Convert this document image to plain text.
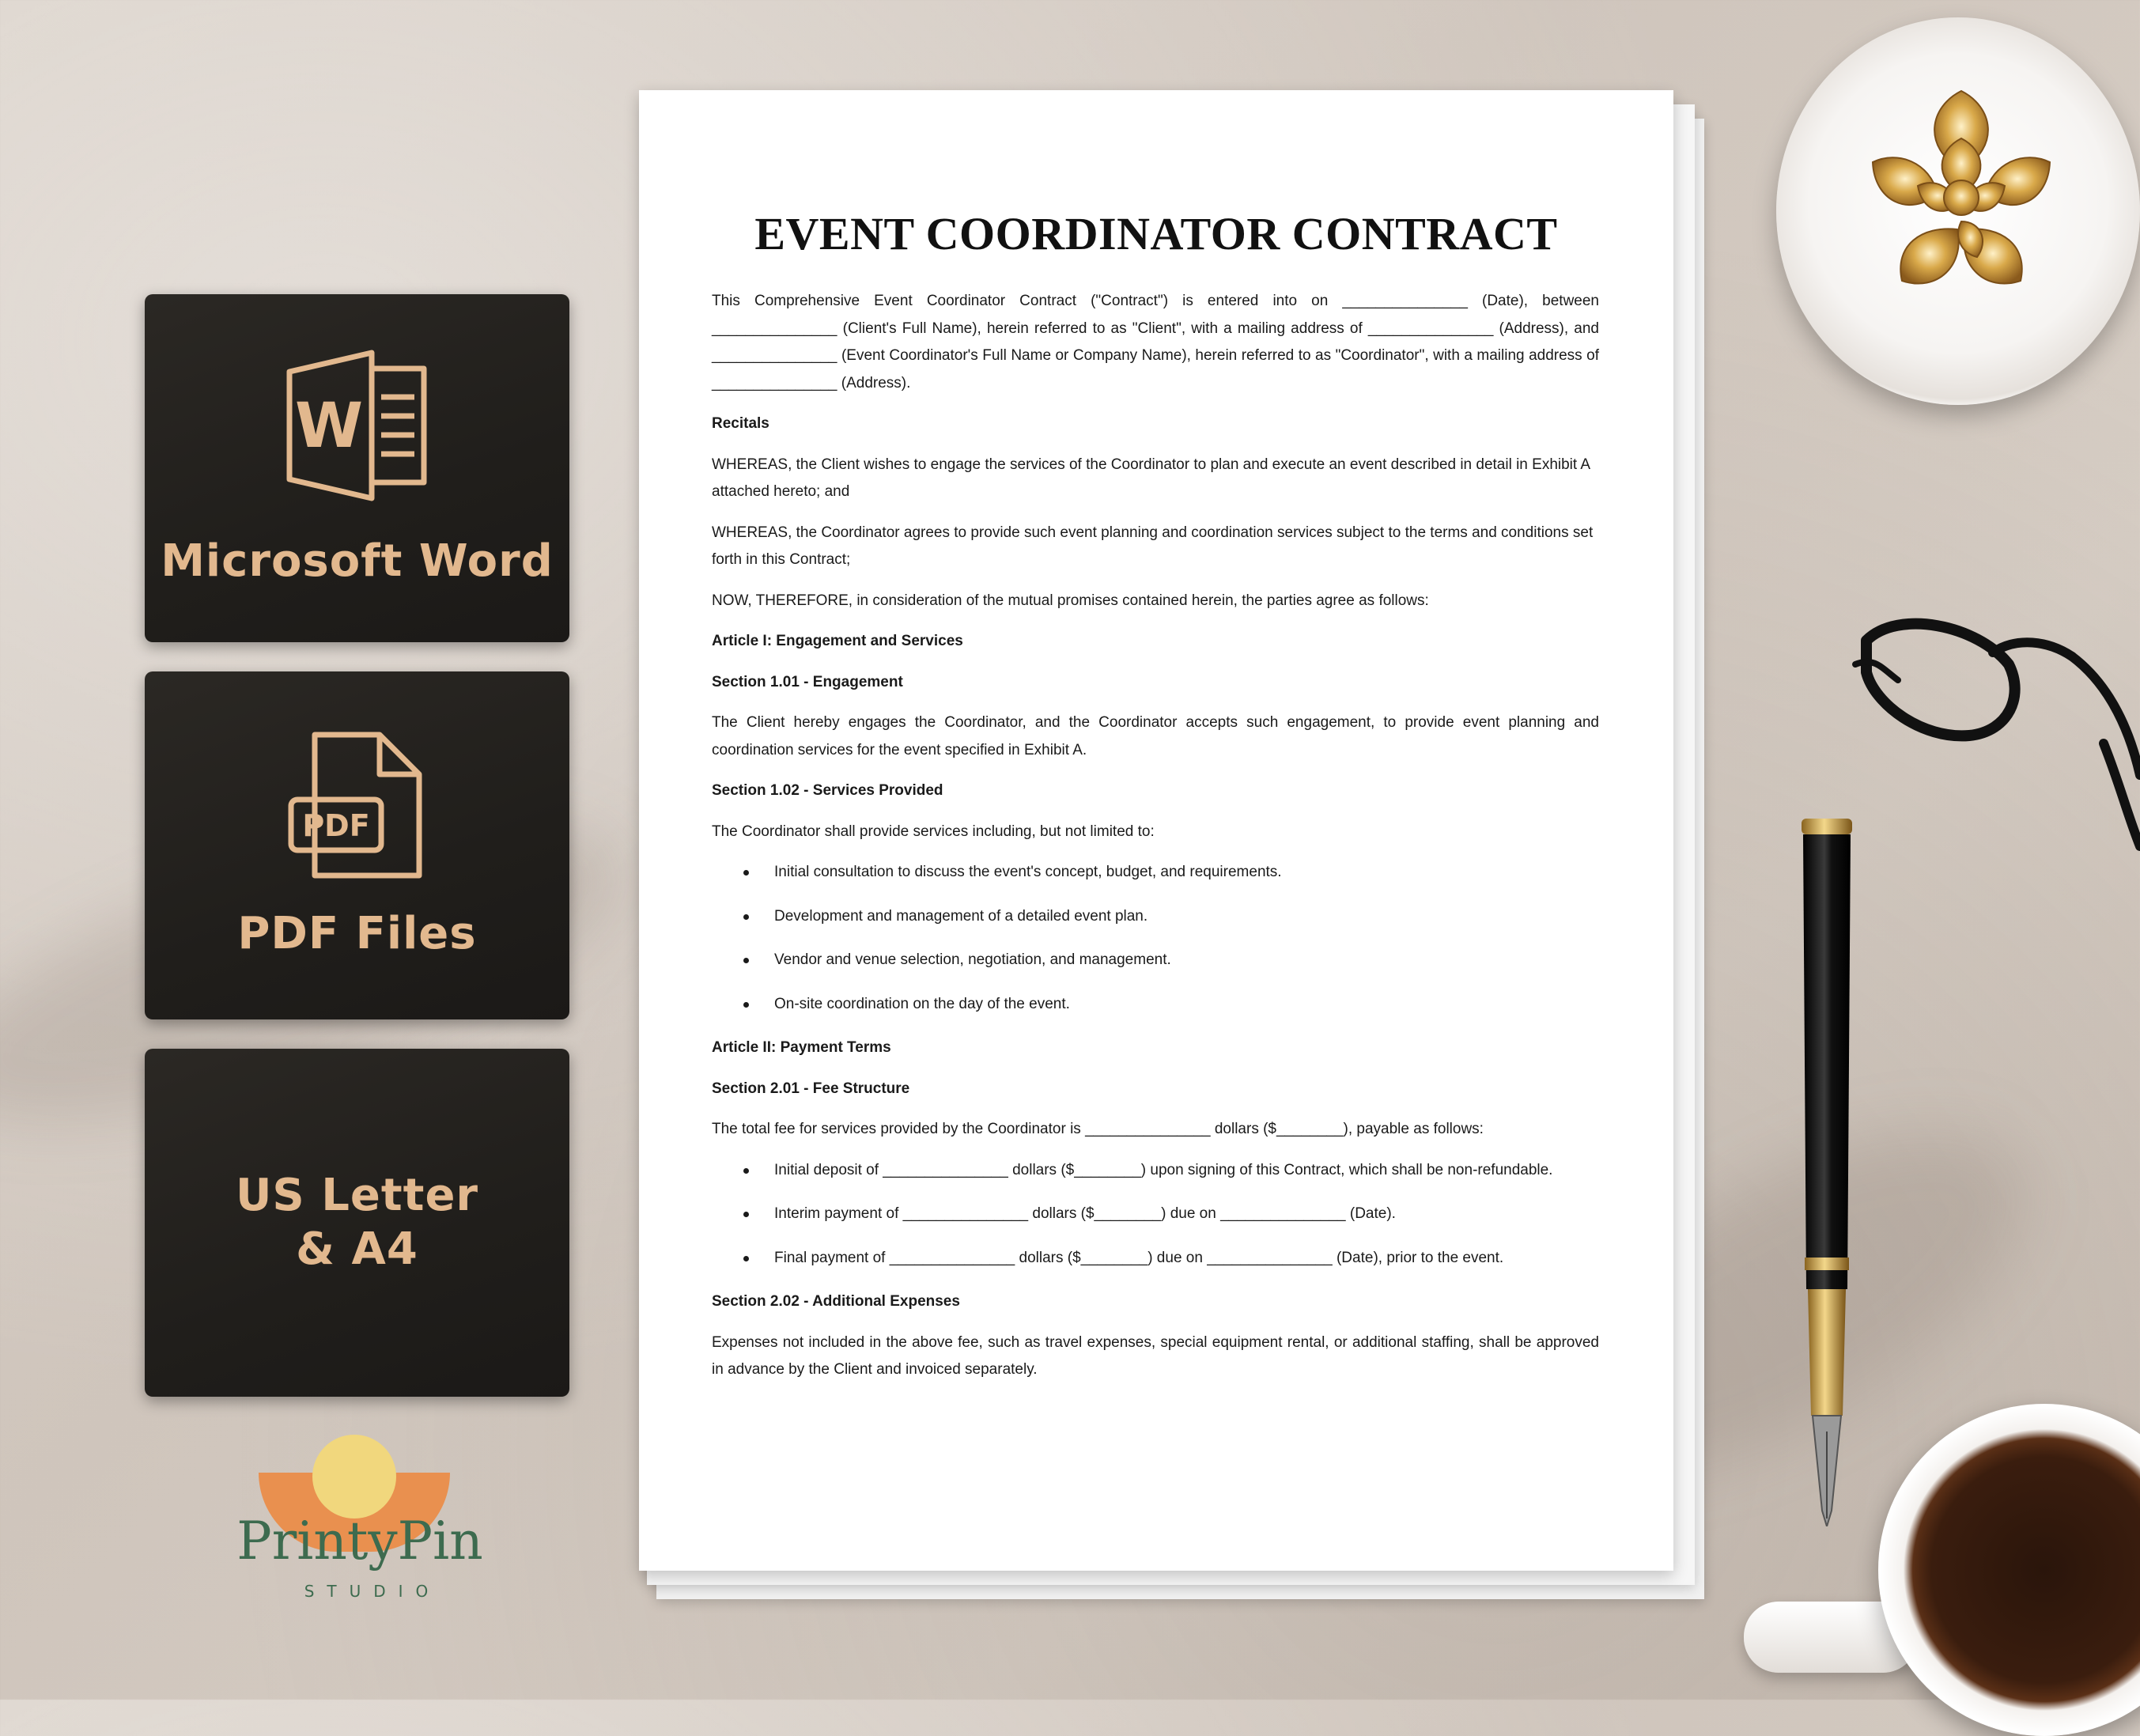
W
Microsoft Word
PDF
PDF Files
US Letter
& A4
PrintyPin
STUDIO
EVENT COORDINATOR CONTRACT

This Comprehensive Event Coordinator Contract ("Contract") is entered into on _______________ (Date), between _______________ (Client's Full Name), herein referred to as "Client", with a mailing address of _______________ (Address), and _______________ (Event Coordinator's Full Name or Company Name), herein referred to as "Coordinator", with a mailing address of _______________ (Address).

Recitals

WHEREAS, the Client wishes to engage the services of the Coordinator to plan and execute an event described in detail in Exhibit A attached hereto; and

WHEREAS, the Coordinator agrees to provide such event planning and coordination services subject to the terms and conditions set forth in this Contract;

NOW, THEREFORE, in consideration of the mutual promises contained herein, the parties agree as follows:

Article I: Engagement and Services

Section 1.01 - Engagement

The Client hereby engages the Coordinator, and the Coordinator accepts such engagement, to provide event planning and coordination services for the event specified in Exhibit A.

Section 1.02 - Services Provided

The Coordinator shall provide services including, but not limited to:

Initial consultation to discuss the event's concept, budget, and requirements.
Development and management of a detailed event plan.
Vendor and venue selection, negotiation, and management.
On-site coordination on the day of the event.

Article II: Payment Terms

Section 2.01 - Fee Structure

The total fee for services provided by the Coordinator is _______________ dollars ($________), payable as follows:

Initial deposit of _______________ dollars ($________) upon signing of this Contract, which shall be non-refundable.
Interim payment of _______________ dollars ($________) due on _______________ (Date).
Final payment of _______________ dollars ($________) due on _______________ (Date), prior to the event.

Section 2.02 - Additional Expenses

Expenses not included in the above fee, such as travel expenses, special equipment rental, or additional staffing, shall be approved in advance by the Client and invoiced separately.
